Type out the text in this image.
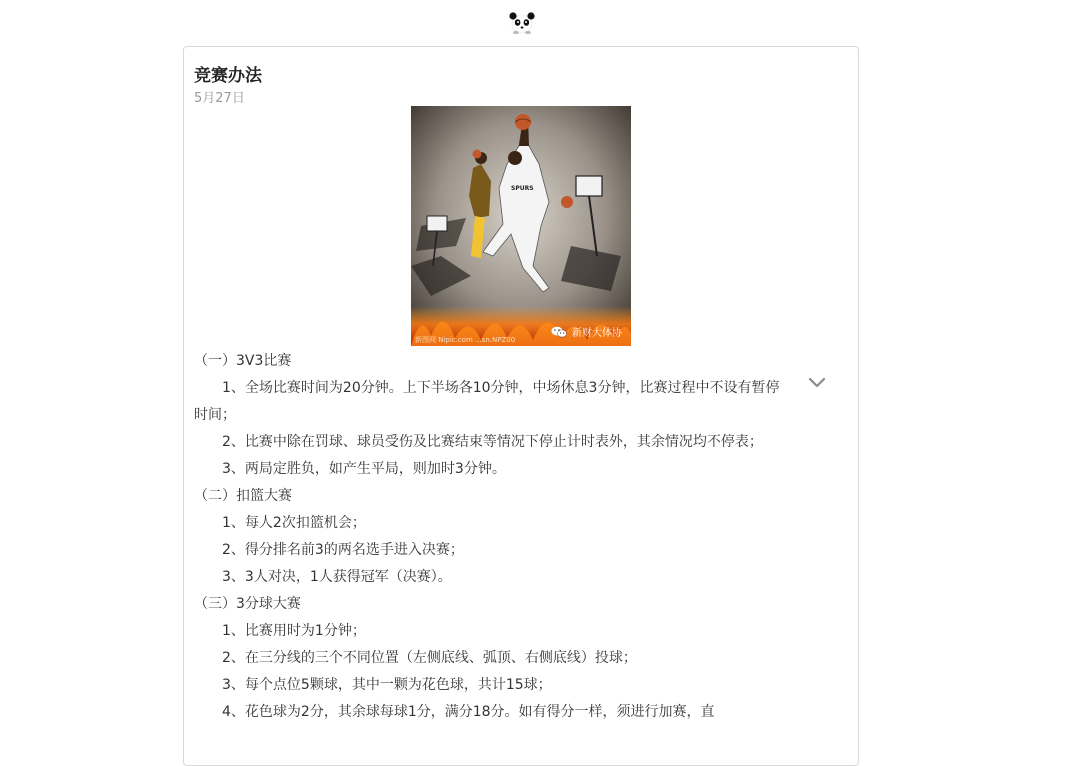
竞赛办法
5月27日
SPURS
新财大体协
新图网 Nipic.com ...sn.NPZ00

（一）3V3比赛

1、全场比赛时间为20分钟。上下半场各10分钟，中场休息3分钟，比赛过程中不设有暂停时间；

2、比赛中除在罚球、球员受伤及比赛结束等情况下停止计时表外，其余情况均不停表；

3、两局定胜负，如产生平局，则加时3分钟。

（二）扣篮大赛

1、每人2次扣篮机会；

2、得分排名前3的两名选手进入决赛；

3、3人对决，1人获得冠军（决赛）。

（三）3分球大赛

1、比赛用时为1分钟；

2、在三分线的三个不同位置（左侧底线、弧顶、右侧底线）投球；

3、每个点位5颗球，其中一颗为花色球，共计15球；

4、花色球为2分，其余球每球1分，满分18分。如有得分一样，须进行加赛，直
